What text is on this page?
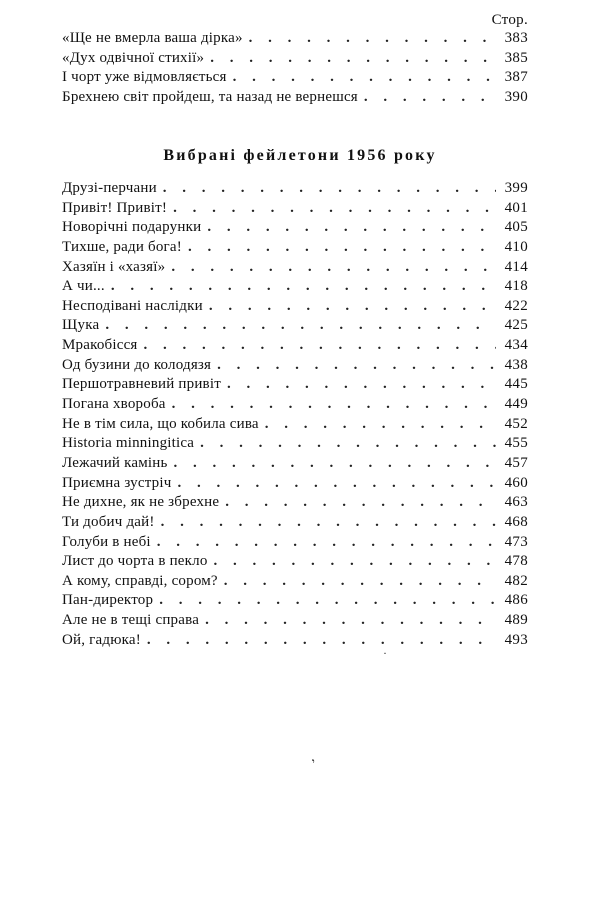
Стор.
«Ще не вмерла ваша дірка» . . .	383
«Дух одвічної стихії» . . .	385
І чорт уже відмовляється . . .	387
Брехнею світ пройдеш, та назад не вернешся . . .	390
Вибрані фейлетони 1956 року
Друзі-перчани . . .	399
Привіт! Привіт! . . .	401
Новорічні подарунки . . .	405
Тихше, ради бога! . . .	410
Хазяїн і «хазяї» . . .	414
А чи... . . .	418
Несподівані наслідки . . .	422
Щука . . .	425
Мракобісся . . .	434
Од бузини до колодязя . . .	438
Першотравневий привіт . . .	445
Погана хвороба . . .	449
Не в тім сила, що кобила сива . . .	452
Historia minningitica . . .	455
Лежачий камінь . . .	457
Приємна зустріч . . .	460
Не дихне, як не збрехне . . .	463
Ти добич дай! . . .	468
Голуби в небі . . .	473
Лист до чорта в пекло . . .	478
А кому, справді, сором? . . .	482
Пан-директор . . .	486
Але не в тещі справа . . .	489
Ой, гадюка! . . .	493
·
,
